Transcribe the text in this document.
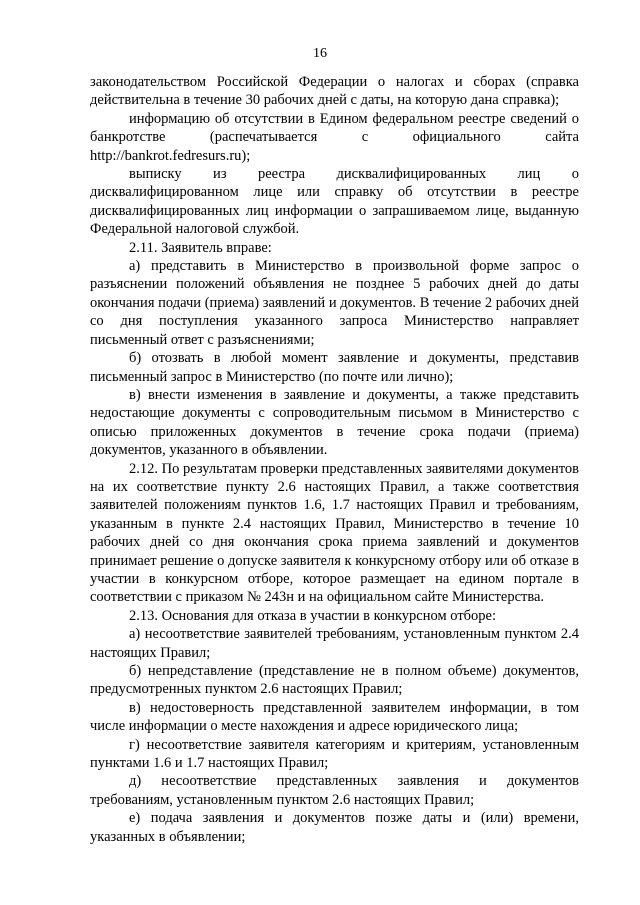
16

законодательством Российской Федерации о налогах и сборах (справка действительна в течение 30 рабочих дней с даты, на которую дана справка);

информацию об отсутствии в Едином федеральном реестре сведений о банкротстве (распечатывается с официального сайта http://bankrot.fedresurs.ru);

выписку из реестра дисквалифицированных лиц о дисквалифицированном лице или справку об отсутствии в реестре дисквалифицированных лиц информации о запрашиваемом лице, выданную Федеральной налоговой службой.

2.11. Заявитель вправе:

а) представить в Министерство в произвольной форме запрос о разъяснении положений объявления не позднее 5 рабочих дней до даты окончания подачи (приема) заявлений и документов. В течение 2 рабочих дней со дня поступления указанного запроса Министерство направляет письменный ответ с разъяснениями;

б) отозвать в любой момент заявление и документы, представив письменный запрос в Министерство (по почте или лично);

в) внести изменения в заявление и документы, а также представить недостающие документы с сопроводительным письмом в Министерство с описью приложенных документов в течение срока подачи (приема) документов, указанного в объявлении.

2.12. По результатам проверки представленных заявителями документов на их соответствие пункту 2.6 настоящих Правил, а также соответствия заявителей положениям пунктов 1.6, 1.7 настоящих Правил и требованиям, указанным в пункте 2.4 настоящих Правил, Министерство в течение 10 рабочих дней со дня окончания срока приема заявлений и документов принимает решение о допуске заявителя к конкурсному отбору или об отказе в участии в конкурсном отборе, которое размещает на едином портале в соответствии с приказом № 243н и на официальном сайте Министерства.

2.13. Основания для отказа в участии в конкурсном отборе:

а) несоответствие заявителей требованиям, установленным пунктом 2.4 настоящих Правил;

б) непредставление (представление не в полном объеме) документов, предусмотренных пунктом 2.6 настоящих Правил;

в) недостоверность представленной заявителем информации, в том числе информации о месте нахождения и адресе юридического лица;

г) несоответствие заявителя категориям и критериям, установленным пунктами 1.6 и 1.7 настоящих Правил;

д) несоответствие представленных заявления и документов требованиям, установленным пунктом 2.6 настоящих Правил;

е) подача заявления и документов позже даты и (или) времени, указанных в объявлении;
